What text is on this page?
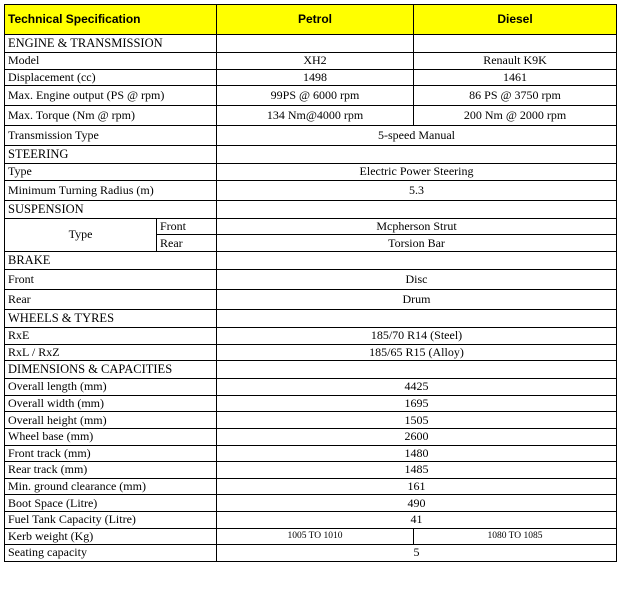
Technical Specification		Petrol	Diesel
ENGINE & TRANSMISSION			
Model		XH2	Renault K9K
Displacement (cc)		1498	1461
Max. Engine output (PS @ rpm)		99PS @ 6000 rpm	86 PS @ 3750 rpm
Max. Torque (Nm @ rpm)		134 Nm@4000 rpm	200 Nm @ 2000 rpm
Transmission Type		5-speed Manual	
STEERING			
Type		Electric Power Steering	
Minimum Turning Radius (m)		5.3	
SUSPENSION			
Type	Front	Mcpherson Strut	
	Rear	Torsion Bar	
BRAKE			
Front		Disc	
Rear		Drum	
WHEELS & TYRES			
RxE		185/70 R14 (Steel)	
RxL / RxZ		185/65 R15 (Alloy)	
DIMENSIONS & CAPACITIES			
Overall length (mm)		4425	
Overall width (mm)		1695	
Overall height (mm)		1505	
Wheel base (mm)		2600	
Front track (mm)		1480	
Rear track (mm)		1485	
Min. ground clearance (mm)		161	
Boot Space (Litre)		490	
Fuel Tank Capacity (Litre)		41	
Kerb weight (Kg)		1005 TO 1010	1080 TO 1085
Seating capacity		5	
